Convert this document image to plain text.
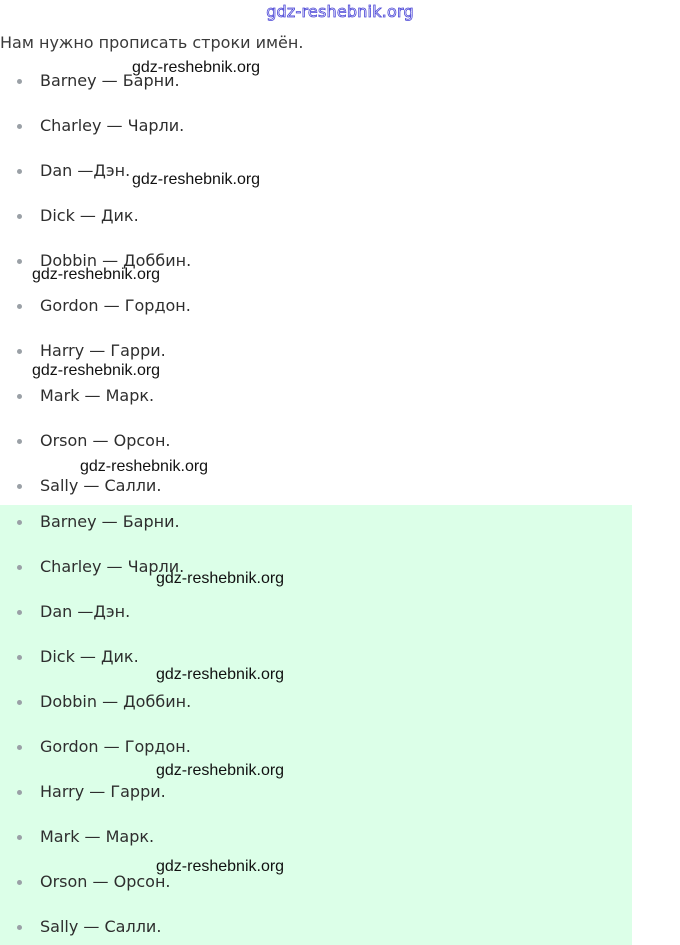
gdz-reshebnik.org
Нам нужно прописать строки имён.
Barney — Барни.
Charley — Чарли.
Dan —Дэн.
Dick — Дик.
Dobbin — Доббин.
Gordon — Гордон.
Harry — Гарри.
Mark — Марк.
Orson — Орсон.
Sally — Салли.
Barney — Барни.
Charley — Чарли.
Dan —Дэн.
Dick — Дик.
Dobbin — Доббин.
Gordon — Гордон.
Harry — Гарри.
Mark — Марк.
Orson — Орсон.
Sally — Салли.
gdz-reshebnik.org
gdz-reshebnik.org
gdz-reshebnik.org
gdz-reshebnik.org
gdz-reshebnik.org
gdz-reshebnik.org
gdz-reshebnik.org
gdz-reshebnik.org
gdz-reshebnik.org
